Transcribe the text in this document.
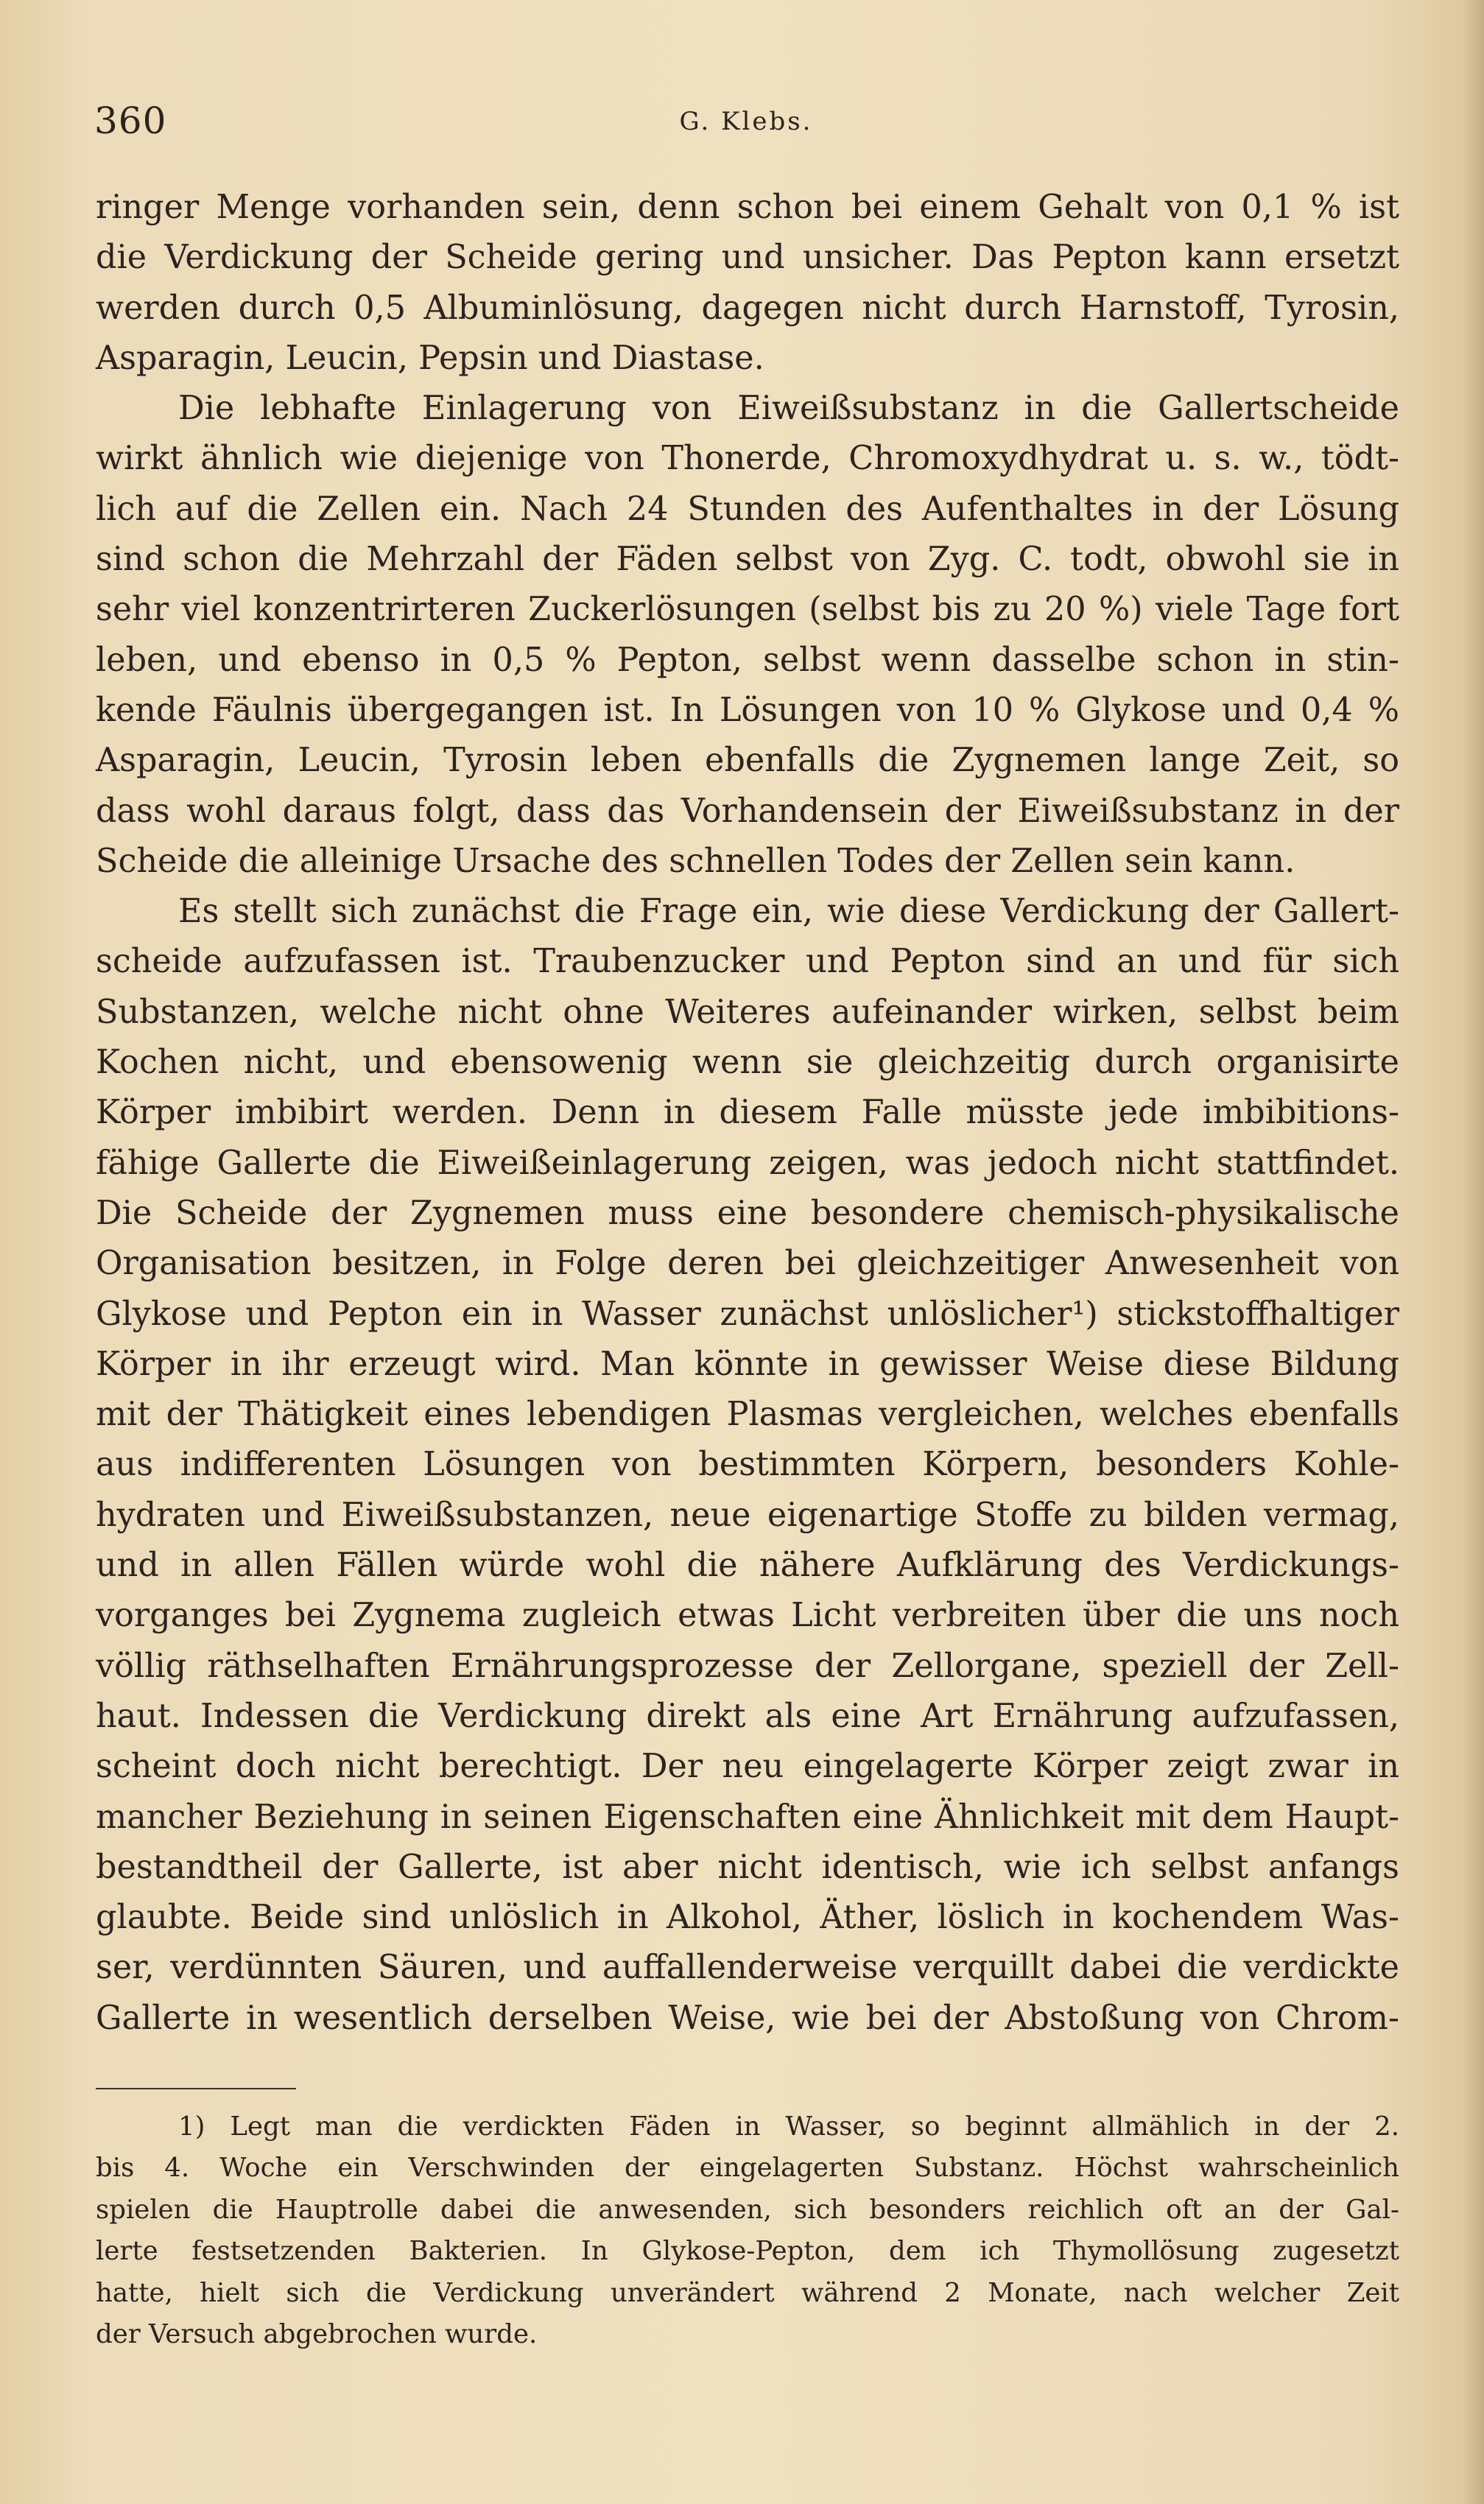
360	G. Klebs.
ringer Menge vorhanden sein, denn schon bei einem Gehalt von 0,1 % ist
die Verdickung der Scheide gering und unsicher. Das Pepton kann ersetzt
werden durch 0,5 Albuminlösung, dagegen nicht durch Harnstoff, Tyrosin,
Asparagin, Leucin, Pepsin und Diastase.
Die lebhafte Einlagerung von Eiweißsubstanz in die Gallertscheide
wirkt ähnlich wie diejenige von Thonerde, Chromoxydhydrat u. s. w., tödt-
lich auf die Zellen ein. Nach 24 Stunden des Aufenthaltes in der Lösung
sind schon die Mehrzahl der Fäden selbst von Zyg. C. todt, obwohl sie in
sehr viel konzentrirteren Zuckerlösungen (selbst bis zu 20 %) viele Tage fort
leben, und ebenso in 0,5 % Pepton, selbst wenn dasselbe schon in stin-
kende Fäulnis übergegangen ist. In Lösungen von 10 % Glykose und 0,4 %
Asparagin, Leucin, Tyrosin leben ebenfalls die Zygnemen lange Zeit, so
dass wohl daraus folgt, dass das Vorhandensein der Eiweißsubstanz in der
Scheide die alleinige Ursache des schnellen Todes der Zellen sein kann.
Es stellt sich zunächst die Frage ein, wie diese Verdickung der Gallert-
scheide aufzufassen ist. Traubenzucker und Pepton sind an und für sich
Substanzen, welche nicht ohne Weiteres aufeinander wirken, selbst beim
Kochen nicht, und ebensowenig wenn sie gleichzeitig durch organisirte
Körper imbibirt werden. Denn in diesem Falle müsste jede imbibitions-
fähige Gallerte die Eiweißeinlagerung zeigen, was jedoch nicht stattfindet.
Die Scheide der Zygnemen muss eine besondere chemisch-physikalische
Organisation besitzen, in Folge deren bei gleichzeitiger Anwesenheit von
Glykose und Pepton ein in Wasser zunächst unlöslicher¹) stickstoffhaltiger
Körper in ihr erzeugt wird. Man könnte in gewisser Weise diese Bildung
mit der Thätigkeit eines lebendigen Plasmas vergleichen, welches ebenfalls
aus indifferenten Lösungen von bestimmten Körpern, besonders Kohle-
hydraten und Eiweißsubstanzen, neue eigenartige Stoffe zu bilden vermag,
und in allen Fällen würde wohl die nähere Aufklärung des Verdickungs-
vorganges bei Zygnema zugleich etwas Licht verbreiten über die uns noch
völlig räthselhaften Ernährungsprozesse der Zellorgane, speziell der Zell-
haut. Indessen die Verdickung direkt als eine Art Ernährung aufzufassen,
scheint doch nicht berechtigt. Der neu eingelagerte Körper zeigt zwar in
mancher Beziehung in seinen Eigenschaften eine Ähnlichkeit mit dem Haupt-
bestandtheil der Gallerte, ist aber nicht identisch, wie ich selbst anfangs
glaubte. Beide sind unlöslich in Alkohol, Äther, löslich in kochendem Was-
ser, verdünnten Säuren, und auffallenderweise verquillt dabei die verdickte
Gallerte in wesentlich derselben Weise, wie bei der Abstoßung von Chrom-
1) Legt man die verdickten Fäden in Wasser, so beginnt allmählich in der 2.
bis 4. Woche ein Verschwinden der eingelagerten Substanz. Höchst wahrscheinlich
spielen die Hauptrolle dabei die anwesenden, sich besonders reichlich oft an der Gal-
lerte festsetzenden Bakterien. In Glykose-Pepton, dem ich Thymollösung zugesetzt
hatte, hielt sich die Verdickung unverändert während 2 Monate, nach welcher Zeit
der Versuch abgebrochen wurde.
